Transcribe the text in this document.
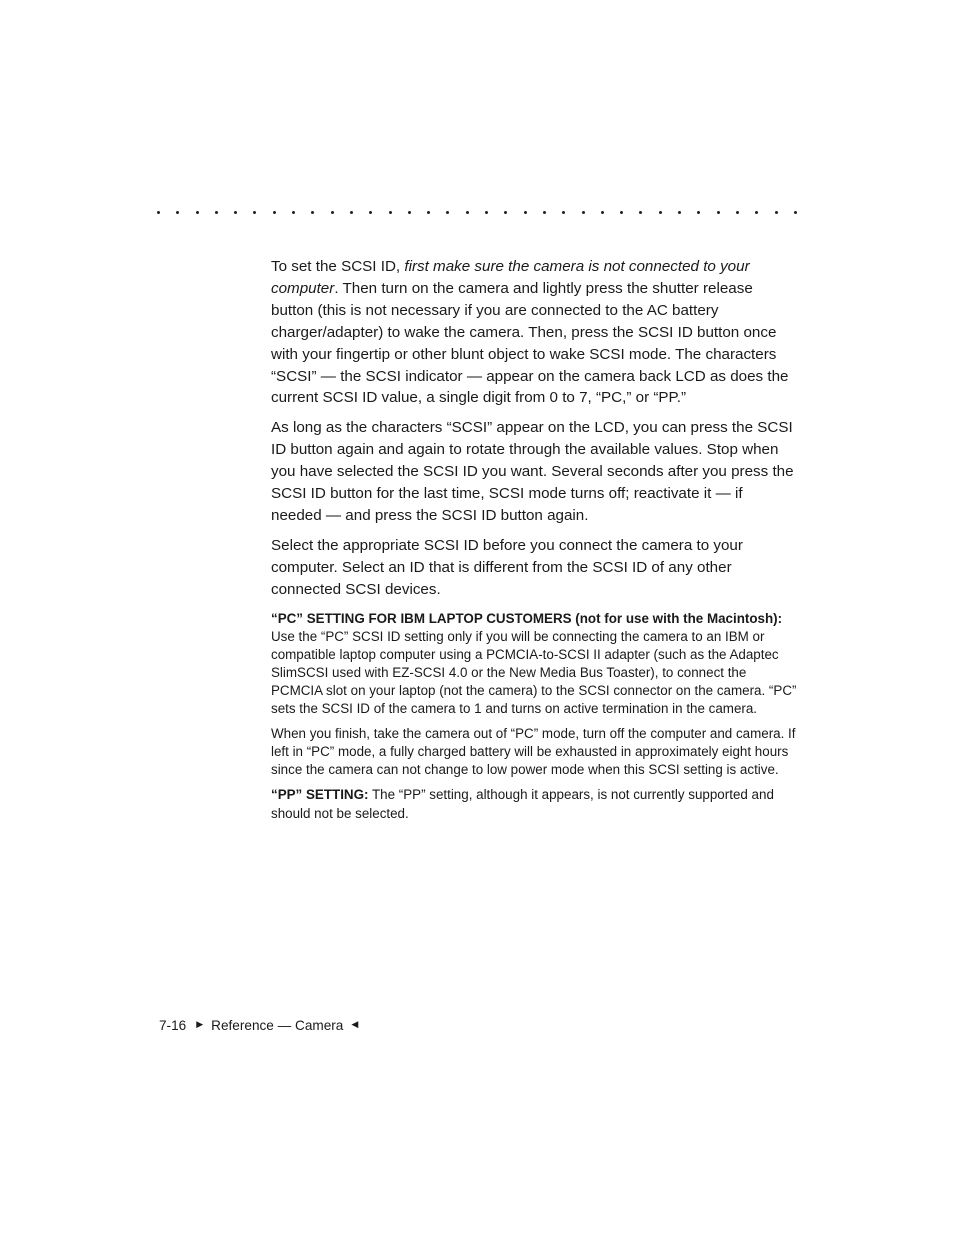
To set the SCSI ID, first make sure the camera is not connected to your computer. Then turn on the camera and lightly press the shutter release button (this is not necessary if you are connected to the AC battery charger/adapter) to wake the camera. Then, press the SCSI ID button once with your fingertip or other blunt object to wake SCSI mode. The characters “SCSI” — the SCSI indicator — appear on the camera back LCD as does the current SCSI ID value, a single digit from 0 to 7, “PC,” or “PP.”

As long as the characters “SCSI” appear on the LCD, you can press the SCSI ID button again and again to rotate through the available values. Stop when you have selected the SCSI ID you want. Several seconds after you press the SCSI ID button for the last time, SCSI mode turns off; reactivate it — if needed — and press the SCSI ID button again.

Select the appropriate SCSI ID before you connect the camera to your computer. Select an ID that is different from the SCSI ID of any other connected SCSI devices.

“PC” SETTING FOR IBM LAPTOP CUSTOMERS (not for use with the Macintosh): Use the “PC” SCSI ID setting only if you will be connecting the camera to an IBM or compatible laptop computer using a PCMCIA-to-SCSI II adapter (such as the Adaptec SlimSCSI used with EZ-SCSI 4.0 or the New Media Bus Toaster), to connect the PCMCIA slot on your laptop (not the camera) to the SCSI connector on the camera. “PC” sets the SCSI ID of the camera to 1 and turns on active termination in the camera.

When you finish, take the camera out of “PC” mode, turn off the computer and camera. If left in “PC” mode, a fully charged battery will be exhausted in approximately eight hours since the camera can not change to low power mode when this SCSI setting is active.

“PP” SETTING: The “PP” setting, although it appears, is not currently supported and should not be selected.

7-16 ▶ Reference — Camera ◀
